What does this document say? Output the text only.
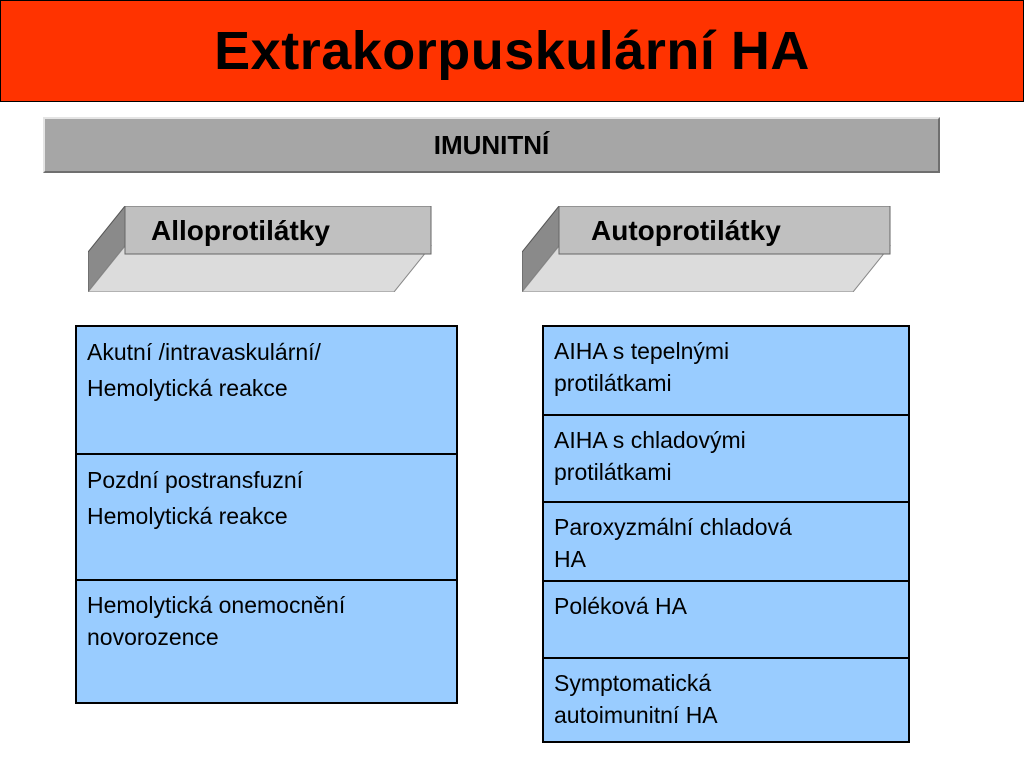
Extrakorpuskulární HA
IMUNITNÍ
Alloprotilátky	Autoprotilátky
Akutní /intravaskulární/
Hemolytická reakce
Pozdní postransfuzní
Hemolytická reakce
Hemolytická onemocnění
novorozence
AIHA s tepelnými
protilátkami
AIHA s chladovými
protilátkami
Paroxyzmální chladová
HA
Poléková HA
Symptomatická
autoimunitní HA
